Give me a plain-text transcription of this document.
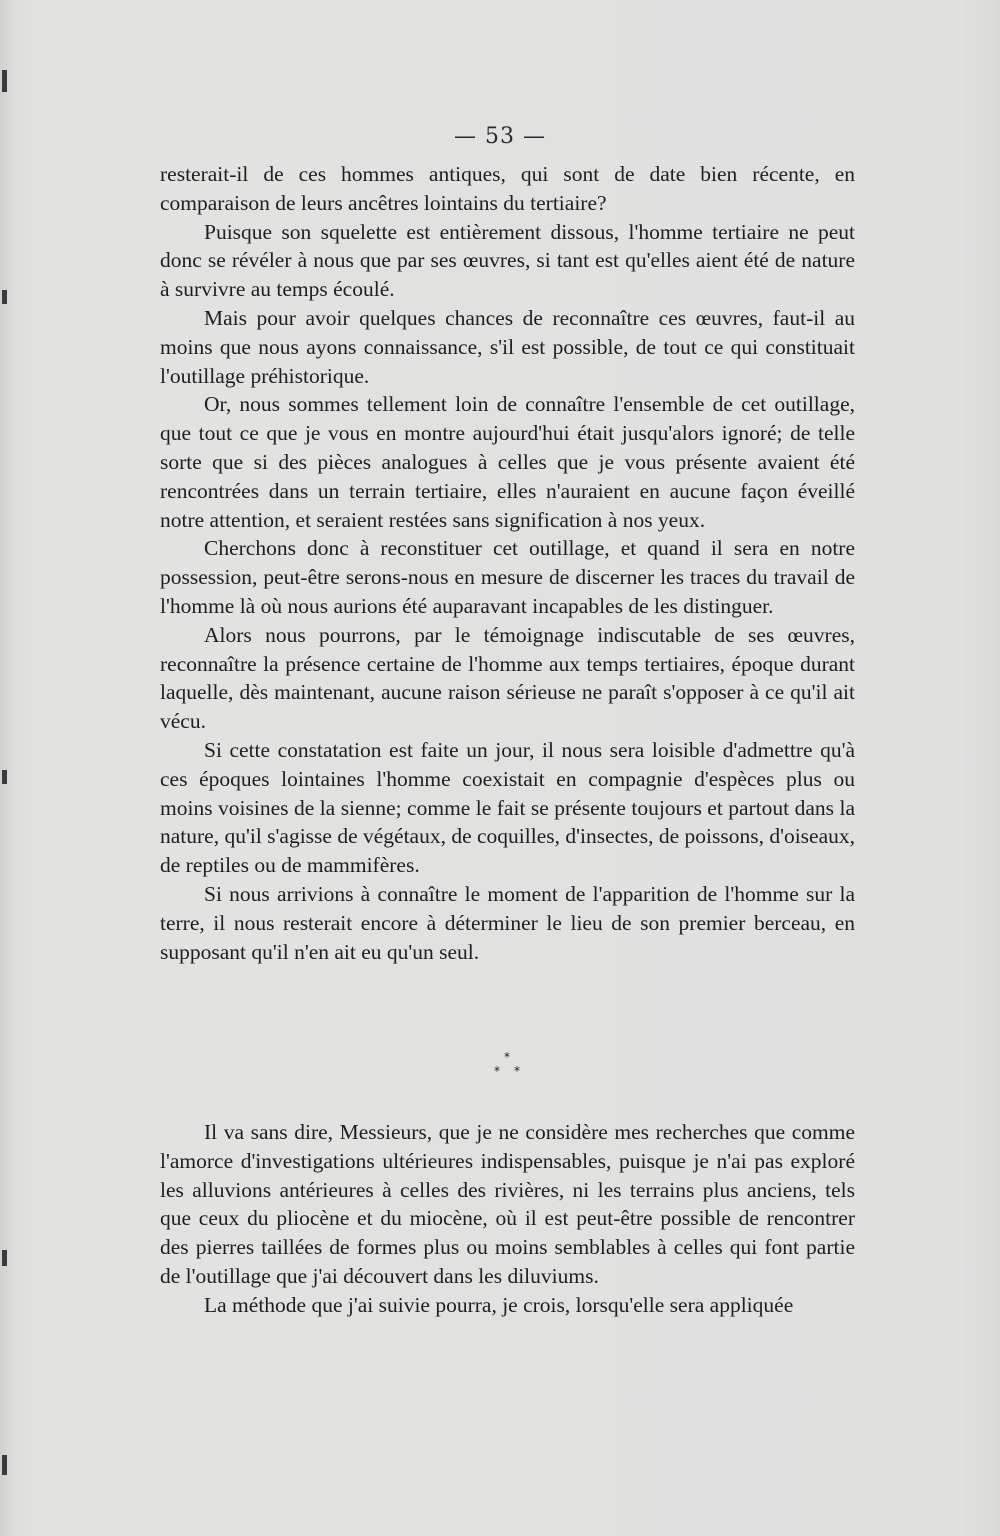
— 53 —

resterait-il de ces hommes antiques, qui sont de date bien récente, en comparaison de leurs ancêtres lointains du tertiaire?

Puisque son squelette est entièrement dissous, l'homme tertiaire ne peut donc se révéler à nous que par ses œuvres, si tant est qu'elles aient été de nature à survivre au temps écoulé.

Mais pour avoir quelques chances de reconnaître ces œuvres, faut-il au moins que nous ayons connaissance, s'il est possible, de tout ce qui constituait l'outillage préhistorique.

Or, nous sommes tellement loin de connaître l'ensemble de cet outillage, que tout ce que je vous en montre aujourd'hui était jusqu'alors ignoré; de telle sorte que si des pièces analogues à celles que je vous présente avaient été rencontrées dans un terrain tertiaire, elles n'auraient en aucune façon éveillé notre attention, et seraient restées sans signification à nos yeux.

Cherchons donc à reconstituer cet outillage, et quand il sera en notre possession, peut-être serons-nous en mesure de discerner les traces du travail de l'homme là où nous aurions été auparavant incapables de les distinguer.

Alors nous pourrons, par le témoignage indiscutable de ses œuvres, reconnaître la présence certaine de l'homme aux temps tertiaires, époque durant laquelle, dès maintenant, aucune raison sérieuse ne paraît s'opposer à ce qu'il ait vécu.

Si cette constatation est faite un jour, il nous sera loisible d'admettre qu'à ces époques lointaines l'homme coexistait en compagnie d'espèces plus ou moins voisines de la sienne; comme le fait se présente toujours et partout dans la nature, qu'il s'agisse de végétaux, de coquilles, d'insectes, de poissons, d'oiseaux, de reptiles ou de mammifères.

Si nous arrivions à connaître le moment de l'apparition de l'homme sur la terre, il nous resterait encore à déterminer le lieu de son premier berceau, en supposant qu'il n'en ait eu qu'un seul.

*
* *

Il va sans dire, Messieurs, que je ne considère mes recherches que comme l'amorce d'investigations ultérieures indispensables, puisque je n'ai pas exploré les alluvions antérieures à celles des rivières, ni les terrains plus anciens, tels que ceux du pliocène et du miocène, où il est peut-être possible de rencontrer des pierres taillées de formes plus ou moins semblables à celles qui font partie de l'outillage que j'ai découvert dans les diluviums.

La méthode que j'ai suivie pourra, je crois, lorsqu'elle sera appliquée
